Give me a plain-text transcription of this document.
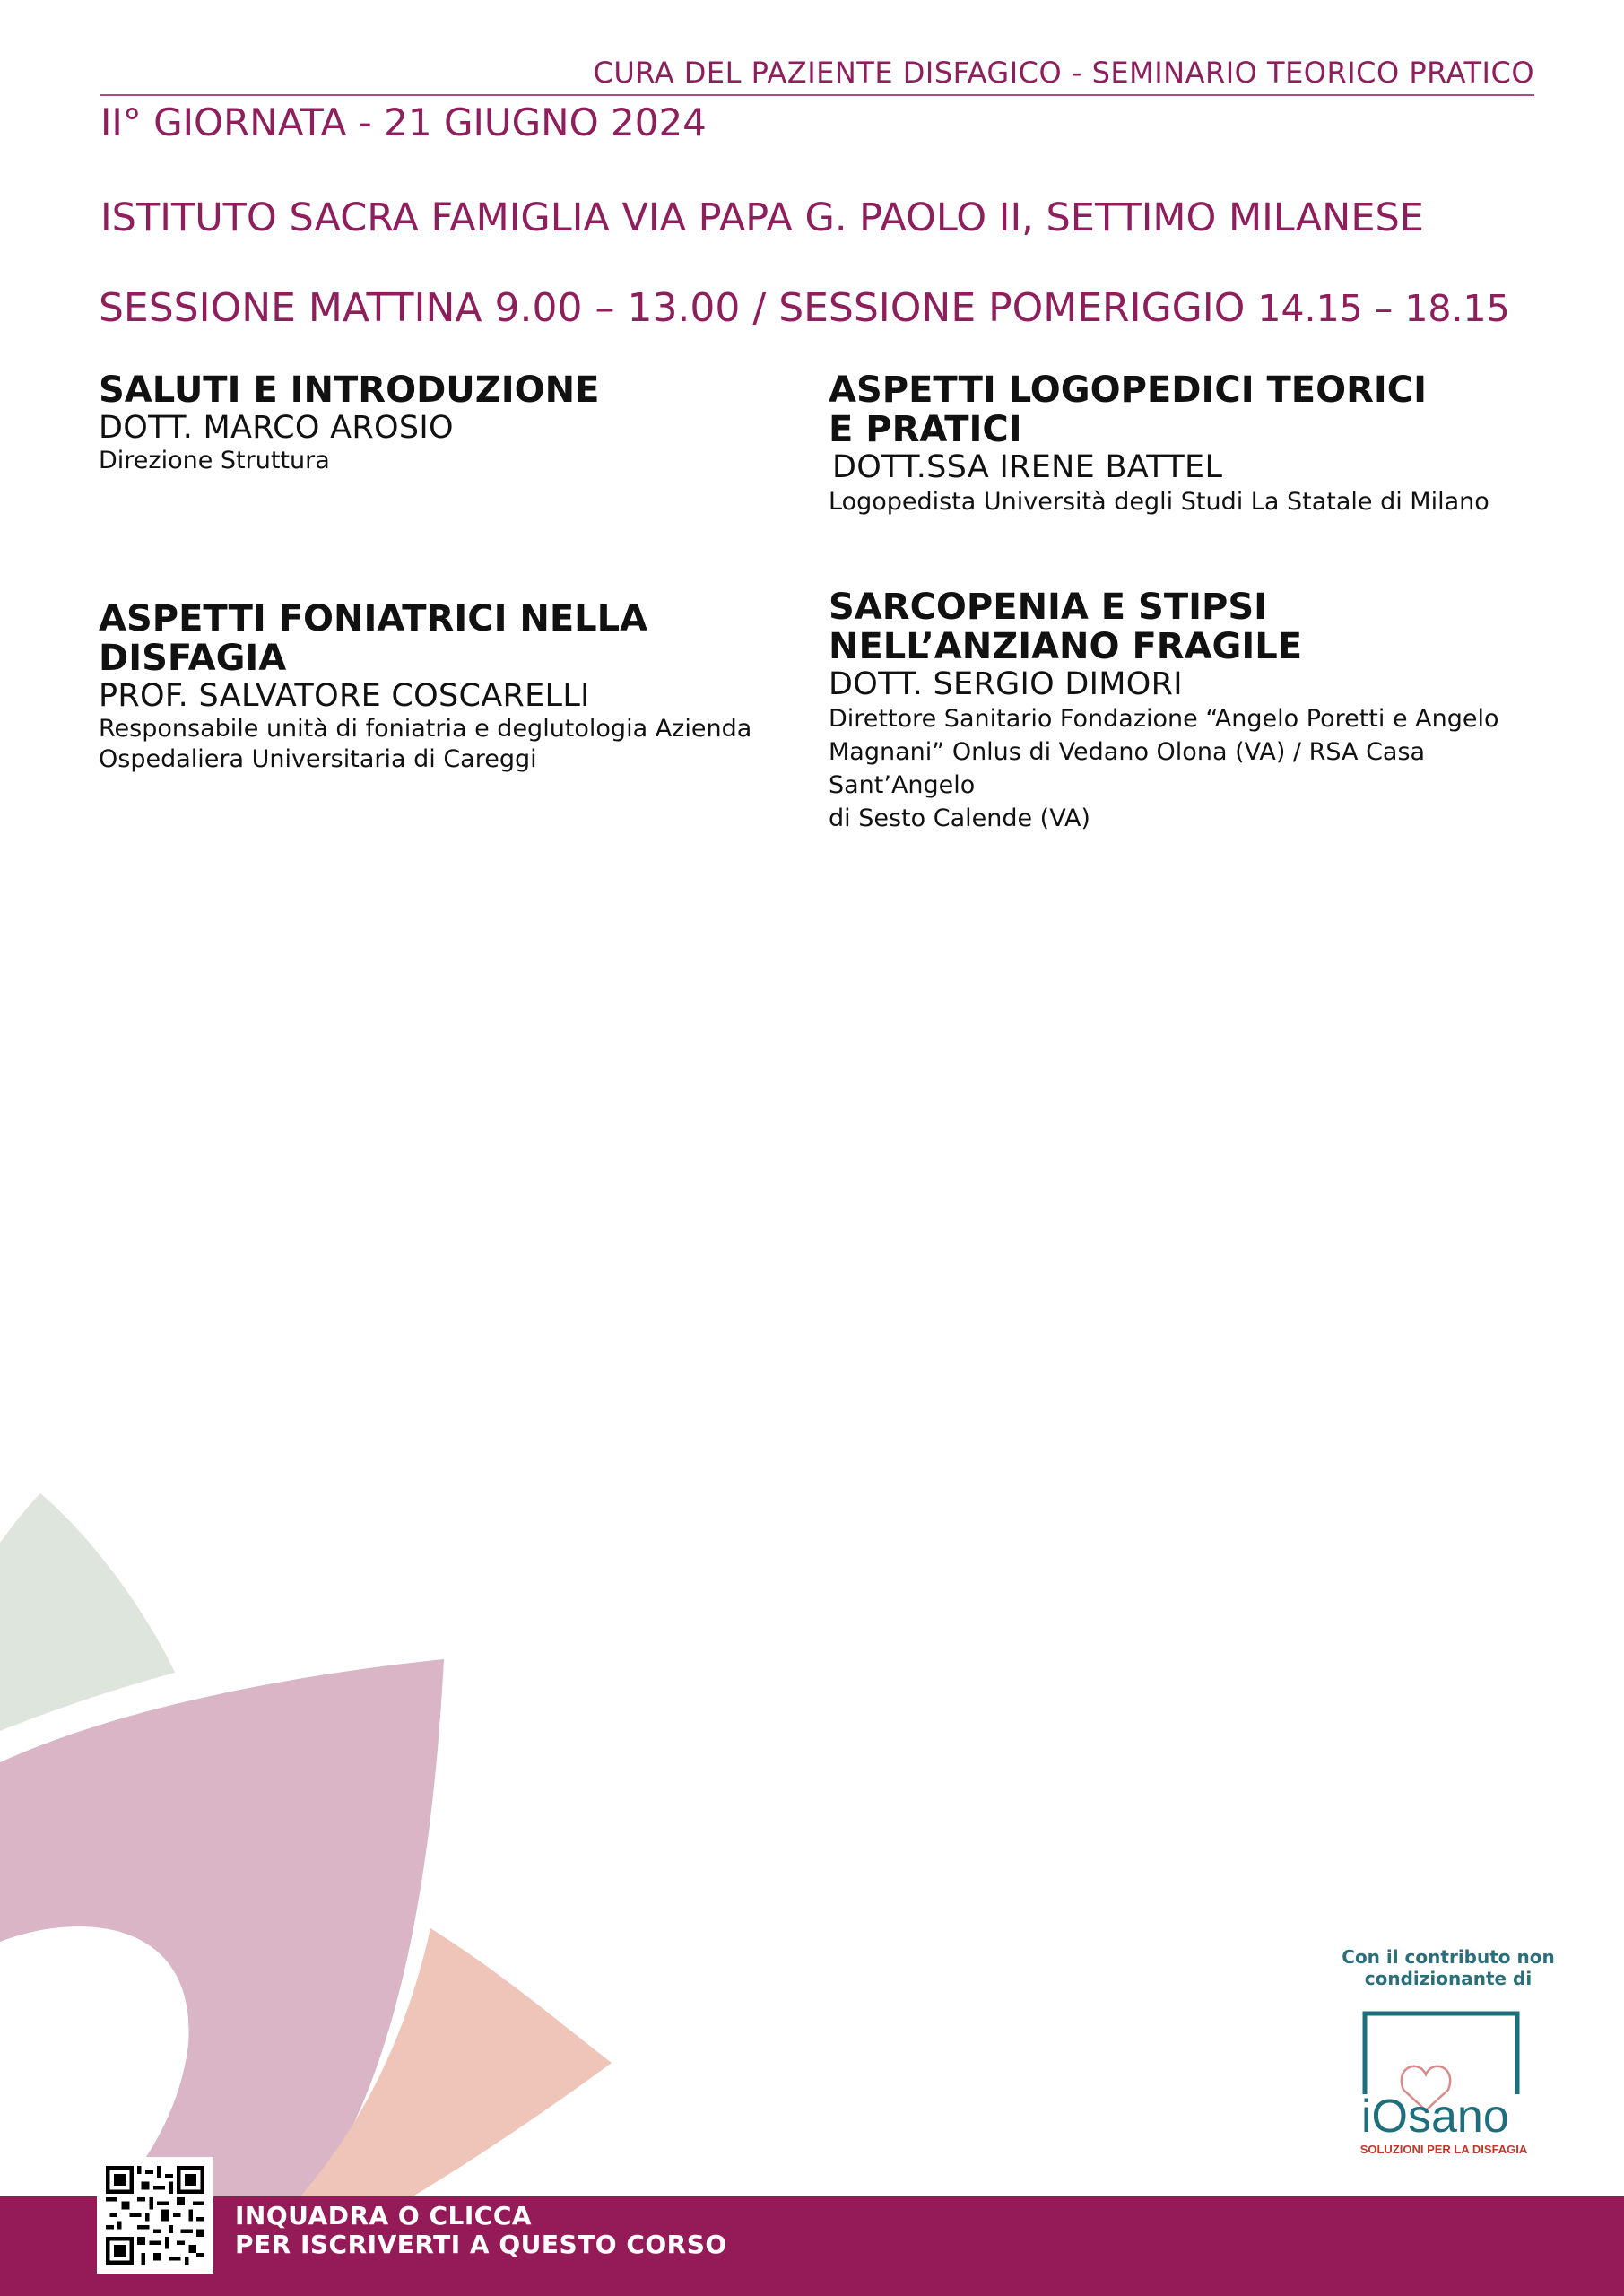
CURA DEL PAZIENTE DISFAGICO - SEMINARIO TEORICO PRATICO
II° GIORNATA - 21 GIUGNO 2024
ISTITUTO SACRA FAMIGLIA VIA PAPA G. PAOLO II, SETTIMO MILANESE
SESSIONE MATTINA 9.00 – 13.00 / SESSIONE POMERIGGIO 14.15 – 18.15
SALUTI E INTRODUZIONE
DOTT. MARCO AROSIO
Direzione Struttura
ASPETTI LOGOPEDICI TEORICI
E PRATICI
DOTT.SSA IRENE BATTEL
Logopedista Università degli Studi La Statale di Milano
ASPETTI FONIATRICI NELLA DISFAGIA
PROF. SALVATORE COSCARELLI
Responsabile unità di foniatria e deglutologia Azienda
Ospedaliera Universitaria di Careggi
SARCOPENIA E STIPSI
NELL’ANZIANO FRAGILE
DOTT. SERGIO DIMORI
Direttore Sanitario Fondazione “Angelo Poretti e Angelo
Magnani” Onlus di Vedano Olona (VA) / RSA Casa Sant’Angelo
di Sesto Calende (VA)
Con il contributo non
condizionante di
iOsano
SOLUZIONI PER LA DISFAGIA
INQUADRA O CLICCA
PER ISCRIVERTI A QUESTO CORSO
